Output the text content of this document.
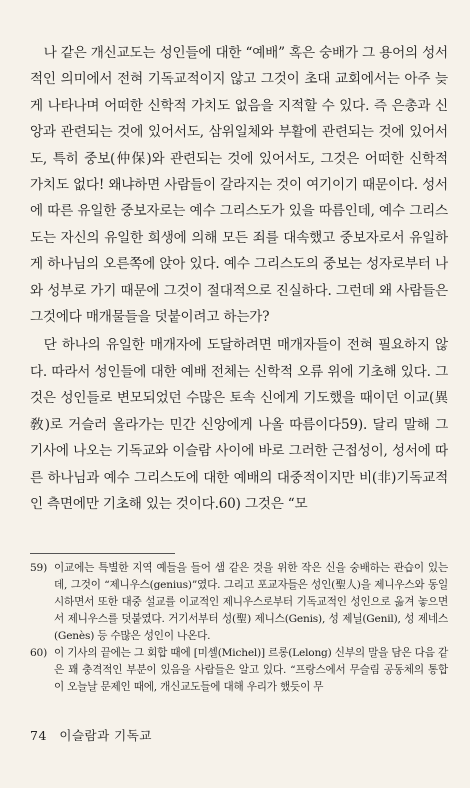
나 같은 개신교도는 성인들에 대한 “예배” 혹은 숭배가 그 용어의 성서적인 의미에서 전혀 기독교적이지 않고 그것이 초대 교회에서는 아주 늦게 나타나며 어떠한 신학적 가치도 없음을 지적할 수 있다. 즉 은총과 신앙과 관련되는 것에 있어서도, 삼위일체와 부활에 관련되는 것에 있어서도, 특히 중보(仲保)와 관련되는 것에 있어서도, 그것은 어떠한 신학적 가치도 없다! 왜냐하면 사람들이 갈라지는 것이 여기이기 때문이다. 성서에 따른 유일한 중보자로는 예수 그리스도가 있을 따름인데, 예수 그리스도는 자신의 유일한 희생에 의해 모든 죄를 대속했고 중보자로서 유일하게 하나님의 오른쪽에 앉아 있다. 예수 그리스도의 중보는 성자로부터 나와 성부로 가기 때문에 그것이 절대적으로 진실하다. 그런데 왜 사람들은 그것에다 매개물들을 덧붙이려고 하는가?

단 하나의 유일한 매개자에 도달하려면 매개자들이 전혀 필요하지 않다. 따라서 성인들에 대한 예배 전체는 신학적 오류 위에 기초해 있다. 그것은 성인들로 변모되었던 수많은 토속 신에게 기도했을 때이던 이교(異敎)로 거슬러 올라가는 민간 신앙에게 나올 따름이다59). 달리 말해 그 기사에 나오는 기독교와 이슬람 사이에 바로 그러한 근접성이, 성서에 따른 하나님과 예수 그리스도에 대한 예배의 대중적이지만 비(非)기독교적인 측면에만 기초해 있는 것이다.60) 그것은 “모

59) 이교에는 특별한 지역 예들을 들어 샘 같은 것을 위한 작은 신을 숭배하는 관습이 있는데, 그것이 “제니우스(genius)”였다. 그리고 포교자들은 성인(聖人)을 제니우스와 동일시하면서 또한 대중 설교를 이교적인 제니우스로부터 기독교적인 성인으로 옮겨 놓으면서 제니우스를 덧붙였다. 거기서부터 성(聖) 제니스(Genis), 성 제닐(Genil), 성 제네스(Genès) 등 수많은 성인이 나온다.
60) 이 기사의 끝에는 그 회합 때에 [미셸(Michel)] 르롱(Lelong) 신부의 말을 담은 다음 같은 꽤 충격적인 부분이 있음을 사람들은 알고 있다. “프랑스에서 무슬림 공동체의 통합이 오늘날 문제인 때에, 개신교도들에 대해 우리가 했듯이 무
74 이슬람과 기독교
